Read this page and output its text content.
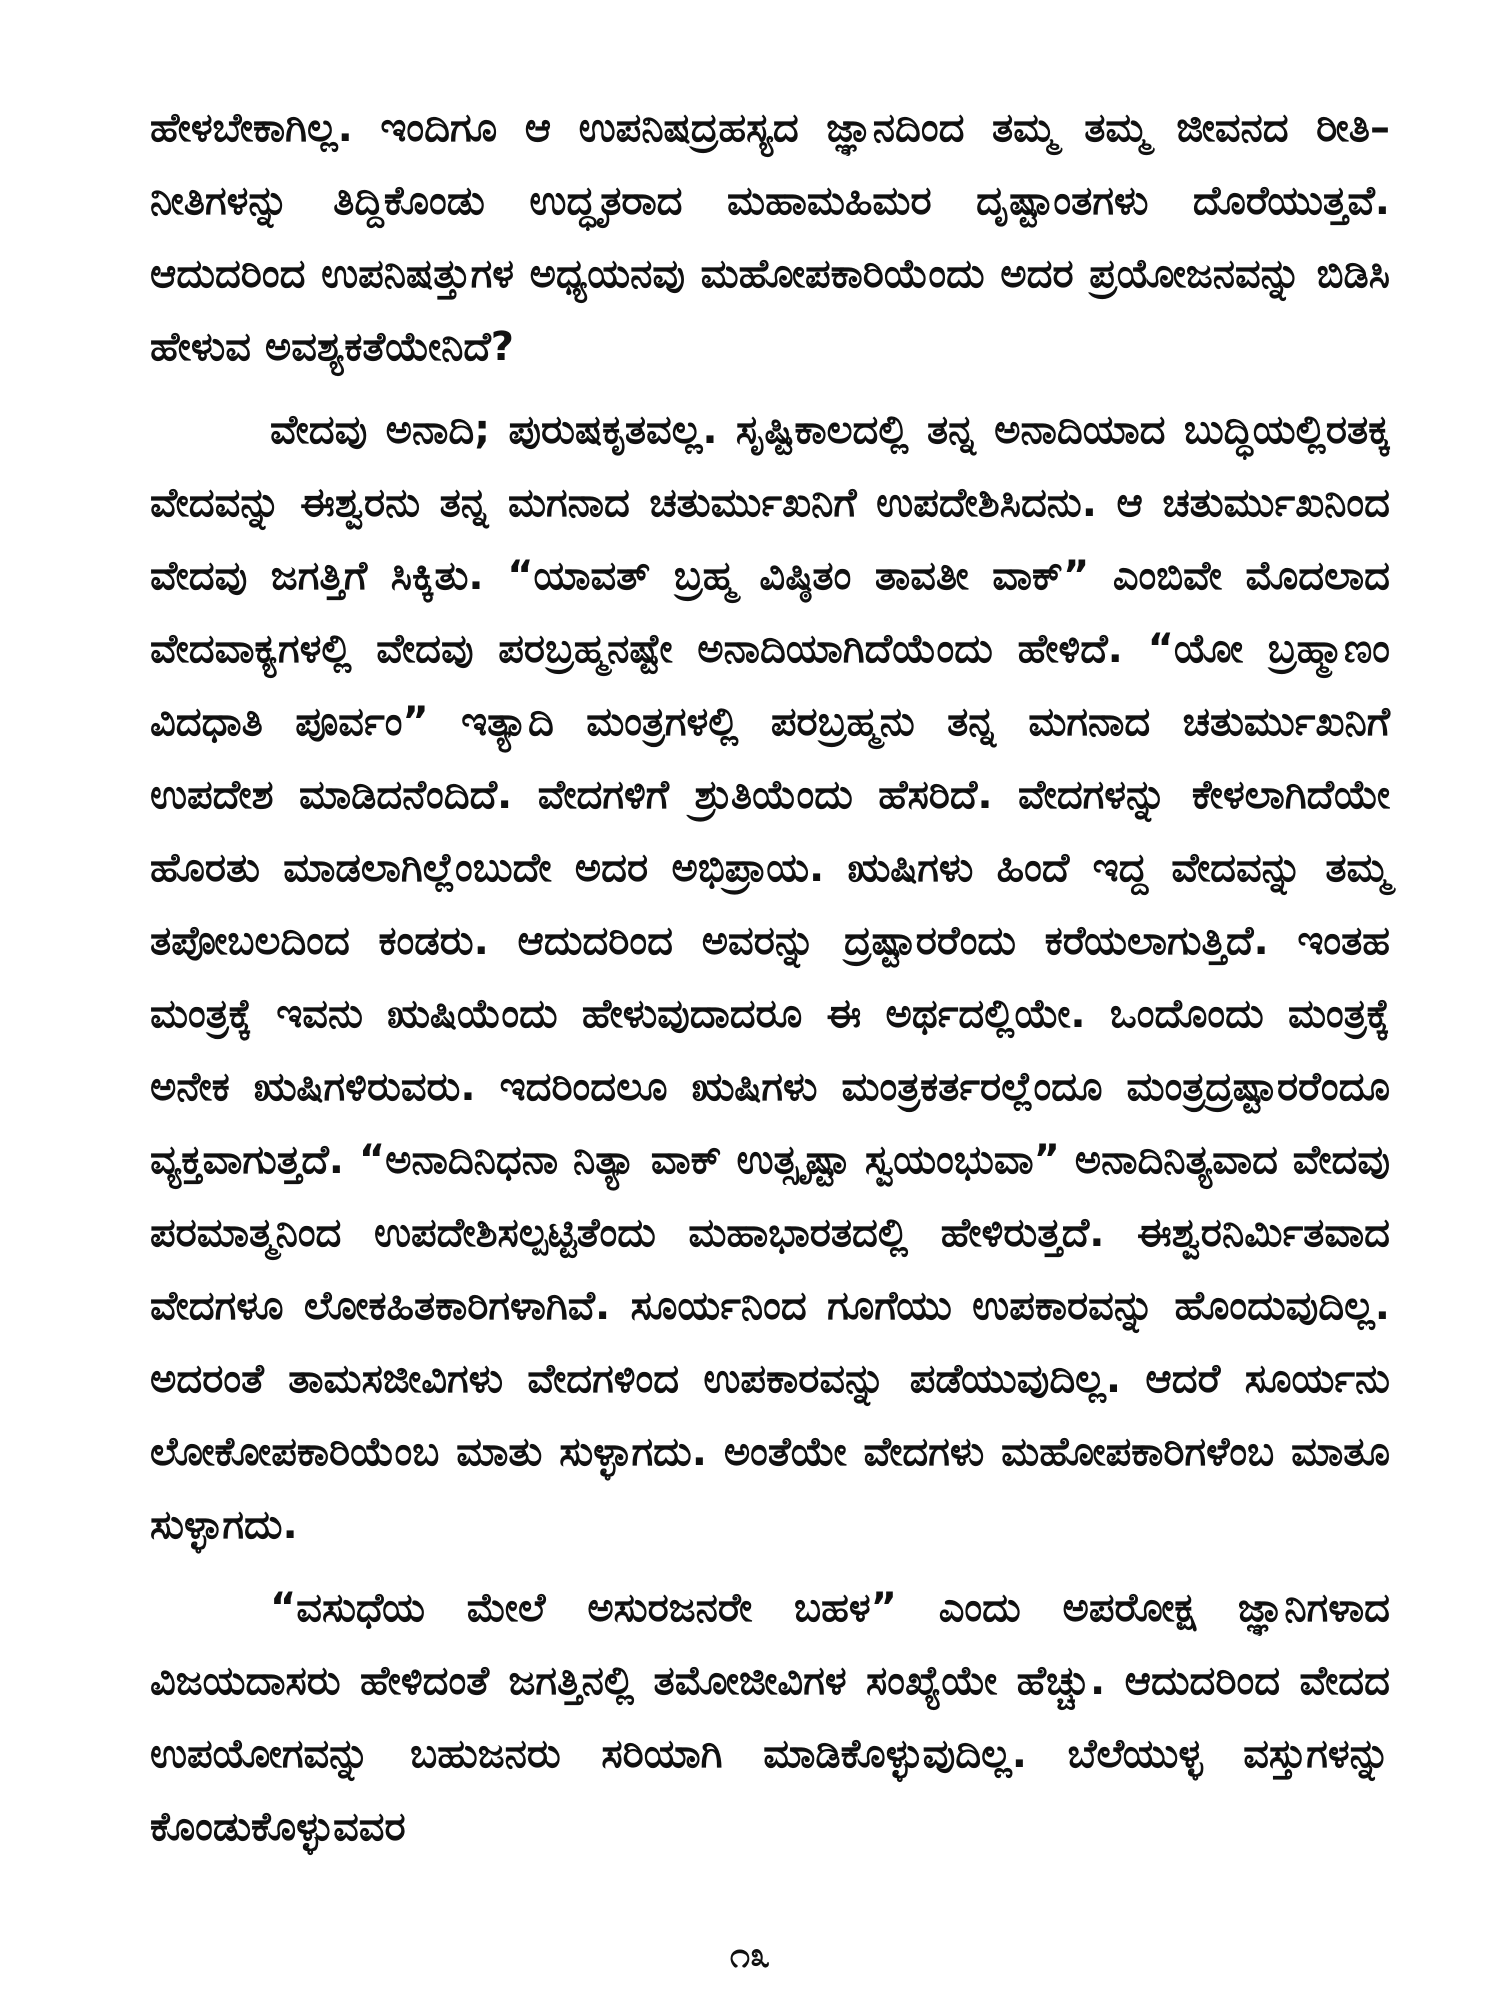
ಹೇಳಬೇಕಾಗಿಲ್ಲ. ಇಂದಿಗೂ ಆ ಉಪನಿಷದ್ರಹಸ್ಯದ ಜ್ಞಾನದಿಂದ ತಮ್ಮ ತಮ್ಮ ಜೀವನದ ರೀತಿ–ನೀತಿಗಳನ್ನು ತಿದ್ದಿಕೊಂಡು ಉದ್ಧೃತರಾದ ಮಹಾಮಹಿಮರ ದೃಷ್ಟಾಂತಗಳು ದೊರೆಯುತ್ತವೆ. ಆದುದರಿಂದ ಉಪನಿಷತ್ತುಗಳ ಅಧ್ಯಯನವು ಮಹೋಪಕಾರಿಯೆಂದು ಅದರ ಪ್ರಯೋಜನವನ್ನು ಬಿಡಿಸಿ ಹೇಳುವ ಅವಶ್ಯಕತೆಯೇನಿದೆ?

ವೇದವು ಅನಾದಿ; ಪುರುಷಕೃತವಲ್ಲ. ಸೃಷ್ಟಿಕಾಲದಲ್ಲಿ ತನ್ನ ಅನಾದಿಯಾದ ಬುದ್ಧಿಯಲ್ಲಿರತಕ್ಕ ವೇದವನ್ನು ಈಶ್ವರನು ತನ್ನ ಮಗನಾದ ಚತುರ್ಮುಖನಿಗೆ ಉಪದೇಶಿಸಿದನು. ಆ ಚತುರ್ಮುಖನಿಂದ ವೇದವು ಜಗತ್ತಿಗೆ ಸಿಕ್ಕಿತು. “ಯಾವತ್ ಬ್ರಹ್ಮ ವಿಷ್ಠಿತಂ ತಾವತೀ ವಾಕ್” ಎಂಬಿವೇ ಮೊದಲಾದ ವೇದವಾಕ್ಯಗಳಲ್ಲಿ ವೇದವು ಪರಬ್ರಹ್ಮನಷ್ಟೇ ಅನಾದಿಯಾಗಿದೆಯೆಂದು ಹೇಳಿದೆ. “ಯೋ ಬ್ರಹ್ಮಾಣಂ ವಿದಧಾತಿ ಪೂರ್ವಂ” ಇತ್ಯಾದಿ ಮಂತ್ರಗಳಲ್ಲಿ ಪರಬ್ರಹ್ಮನು ತನ್ನ ಮಗನಾದ ಚತುರ್ಮುಖನಿಗೆ ಉಪದೇಶ ಮಾಡಿದನೆಂದಿದೆ. ವೇದಗಳಿಗೆ ಶ್ರುತಿಯೆಂದು ಹೆಸರಿದೆ. ವೇದಗಳನ್ನು ಕೇಳಲಾಗಿದೆಯೇ ಹೊರತು ಮಾಡಲಾಗಿಲ್ಲೆಂಬುದೇ ಅದರ ಅಭಿಪ್ರಾಯ. ಋಷಿಗಳು ಹಿಂದೆ ಇದ್ದ ವೇದವನ್ನು ತಮ್ಮ ತಪೋಬಲದಿಂದ ಕಂಡರು. ಆದುದರಿಂದ ಅವರನ್ನು ದ್ರಷ್ಟಾರರೆಂದು ಕರೆಯಲಾಗುತ್ತಿದೆ. ಇಂತಹ ಮಂತ್ರಕ್ಕೆ ಇವನು ಋಷಿಯೆಂದು ಹೇಳುವುದಾದರೂ ಈ ಅರ್ಥದಲ್ಲಿಯೇ. ಒಂದೊಂದು ಮಂತ್ರಕ್ಕೆ ಅನೇಕ ಋಷಿಗಳಿರುವರು. ಇದರಿಂದಲೂ ಋಷಿಗಳು ಮಂತ್ರಕರ್ತರಲ್ಲೆಂದೂ ಮಂತ್ರದ್ರಷ್ಟಾರರೆಂದೂ ವ್ಯಕ್ತವಾಗುತ್ತದೆ. “ಅನಾದಿನಿಧನಾ ನಿತ್ಯಾ ವಾಕ್ ಉತ್ಸೃಷ್ಟಾ ಸ್ವಯಂಭುವಾ” ಅನಾದಿನಿತ್ಯವಾದ ವೇದವು ಪರಮಾತ್ಮನಿಂದ ಉಪದೇಶಿಸಲ್ಪಟ್ಟಿತೆಂದು ಮಹಾಭಾರತದಲ್ಲಿ ಹೇಳಿರುತ್ತದೆ. ಈಶ್ವರನಿರ್ಮಿತವಾದ ವೇದಗಳೂ ಲೋಕಹಿತಕಾರಿಗಳಾಗಿವೆ. ಸೂರ್ಯನಿಂದ ಗೂಗೆಯು ಉಪಕಾರವನ್ನು ಹೊಂದುವುದಿಲ್ಲ. ಅದರಂತೆ ತಾಮಸಜೀವಿಗಳು ವೇದಗಳಿಂದ ಉಪಕಾರವನ್ನು ಪಡೆಯುವುದಿಲ್ಲ. ಆದರೆ ಸೂರ್ಯನು ಲೋಕೋಪಕಾರಿಯೆಂಬ ಮಾತು ಸುಳ್ಳಾಗದು. ಅಂತೆಯೇ ವೇದಗಳು ಮಹೋಪಕಾರಿಗಳೆಂಬ ಮಾತೂ ಸುಳ್ಳಾಗದು.

“ವಸುಧೆಯ ಮೇಲೆ ಅಸುರಜನರೇ ಬಹಳ” ಎಂದು ಅಪರೋಕ್ಷ ಜ್ಞಾನಿಗಳಾದ ವಿಜಯದಾಸರು ಹೇಳಿದಂತೆ ಜಗತ್ತಿನಲ್ಲಿ ತಮೋಜೀವಿಗಳ ಸಂಖ್ಯೆಯೇ ಹೆಚ್ಚು. ಆದುದರಿಂದ ವೇದದ ಉಪಯೋಗವನ್ನು ಬಹುಜನರು ಸರಿಯಾಗಿ ಮಾಡಿಕೊಳ್ಳುವುದಿಲ್ಲ. ಬೆಲೆಯುಳ್ಳ ವಸ್ತುಗಳನ್ನು ಕೊಂಡುಕೊಳ್ಳುವವರ

೧೩
